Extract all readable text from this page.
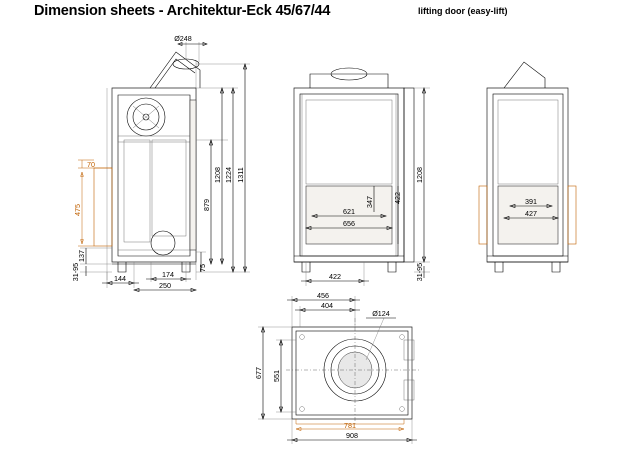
Dimension sheets - Architektur-Eck 45/67/44	lifting door (easy-lift)
Ø248
1311
1224
1208
879
75
70
475
137
31-95	144	174
250
1208
422
347
621
656
422	31-95
391
427
456
404
Ø124
677 551
781
908
